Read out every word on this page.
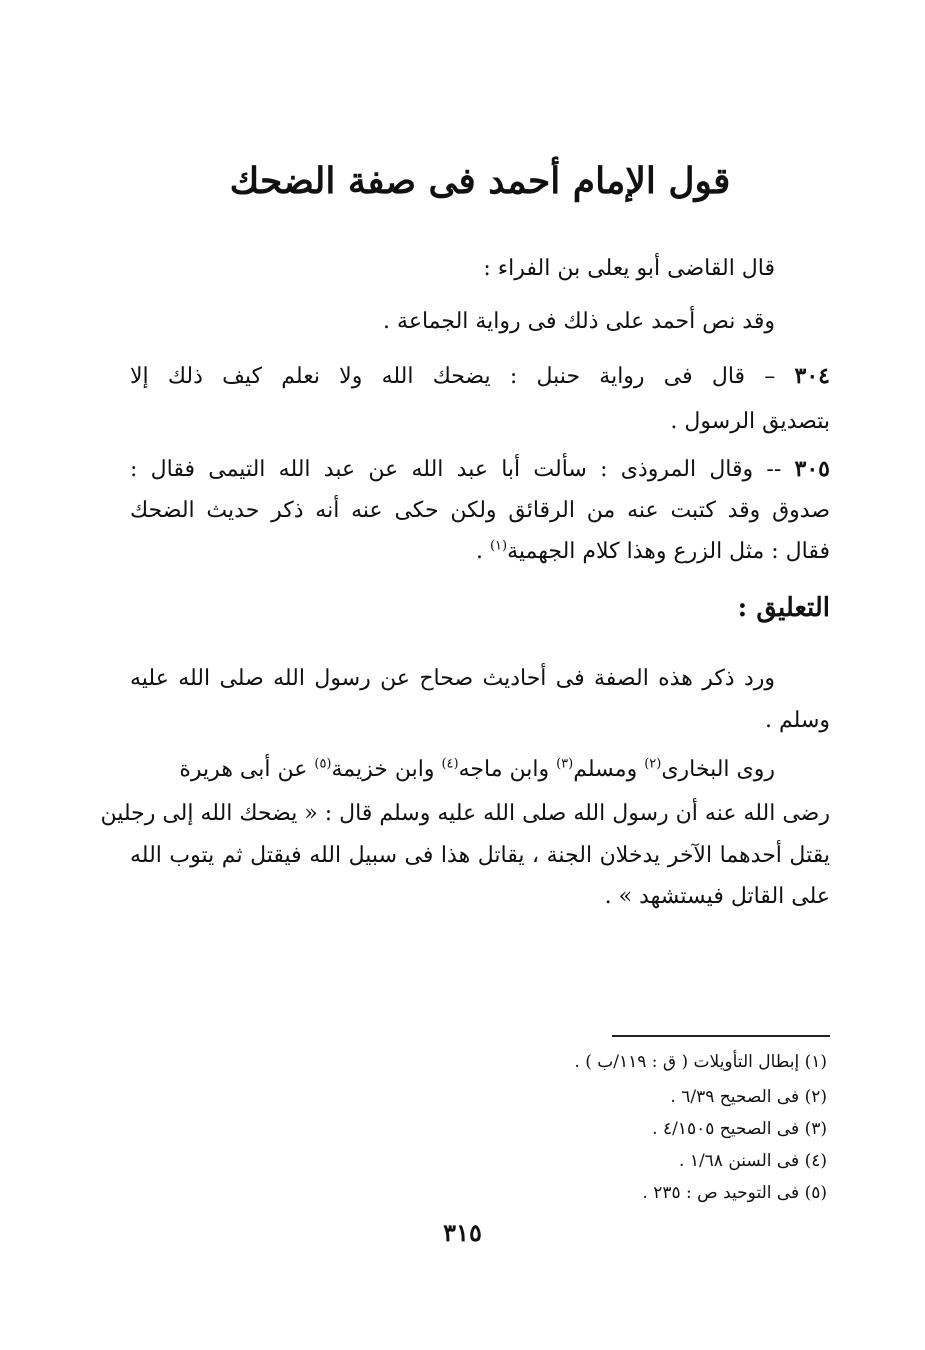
قول الإمام أحمد فى صفة الضحك
قال القاضى أبو يعلى بن الفراء :
وقد نص أحمد على ذلك فى رواية الجماعة .
٣٠٤ – قال فى رواية حنبل : يضحك الله ولا نعلم كيف ذلك إلا
بتصديق الرسول .
٣٠٥ -- وقال المروذى : سألت أبا عبد الله عن عبد الله التيمى فقال :
صدوق وقد كتبت عنه من الرقائق ولكن حكى عنه أنه ذكر حديث الضحك
فقال : مثل الزرع وهذا كلام الجهمية$^{(١)}$ .
التعليق :
ورد ذكر هذه الصفة فى أحاديث صحاح عن رسول الله صلى الله عليه
وسلم .
روى البخارى$^{(٢)}$ ومسلم$^{(٣)}$ وابن ماجه$^{(٤)}$ وابن خزيمة$^{(٥)}$ عن أبى هريرة
رضى الله عنه أن رسول الله صلى الله عليه وسلم قال : « يضحك الله إلى رجلين
يقتل أحدهما الآخر يدخلان الجنة ، يقاتل هذا فى سبيل الله فيقتل ثم يتوب الله
على القاتل فيستشهد » .
(١) إبطال التأويلات ( ق : ١١٩/ب ) .
(٢) فى الصحيح ٦/٣٩ .
(٣) فى الصحيح ٤/١٥٠٥ .
(٤) فى السنن ١/٦٨ .
(٥) فى التوحيد ص : ٢٣٥ .
٣١٥
